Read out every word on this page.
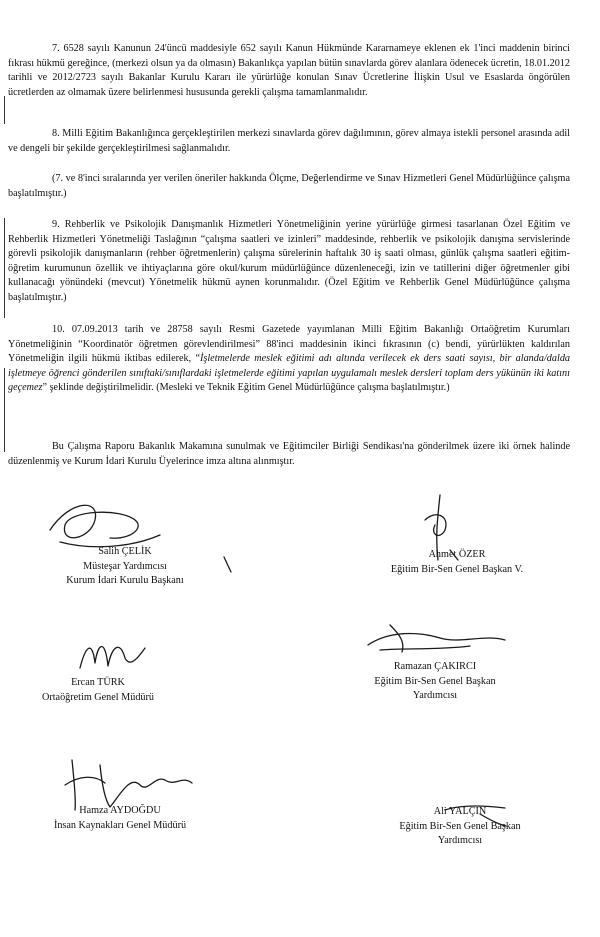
7. 6528 sayılı Kanunun 24'üncü maddesiyle 652 sayılı Kanun Hükmünde Kararnameye eklenen ek 1'inci maddenin birinci fıkrası hükmü gereğince, (merkezi olsun ya da olmasın) Bakanlıkça yapılan bütün sınavlarda görev alanlara ödenecek ücretin, 18.01.2012 tarihli ve 2012/2723 sayılı Bakanlar Kurulu Kararı ile yürürlüğe konulan Sınav Ücretlerine İlişkin Usul ve Esaslarda öngörülen ücretlerden az olmamak üzere belirlenmesi hususunda gerekli çalışma tamamlanmalıdır.

8. Milli Eğitim Bakanlığınca gerçekleştirilen merkezi sınavlarda görev dağılımının, görev almaya istekli personel arasında adil ve dengeli bir şekilde gerçekleştirilmesi sağlanmalıdır.

(7. ve 8'inci sıralarında yer verilen öneriler hakkında Ölçme, Değerlendirme ve Sınav Hizmetleri Genel Müdürlüğünce çalışma başlatılmıştır.)

9. Rehberlik ve Psikolojik Danışmanlık Hizmetleri Yönetmeliğinin yerine yürürlüğe girmesi tasarlanan Özel Eğitim ve Rehberlik Hizmetleri Yönetmeliği Taslağının “çalışma saatleri ve izinleri” maddesinde, rehberlik ve psikolojik danışma servislerinde görevli psikolojik danışmanların (rehber öğretmenlerin) çalışma sürelerinin haftalık 30 iş saati olması, günlük çalışma saatleri eğitim-öğretim kurumunun özellik ve ihtiyaçlarına göre okul/kurum müdürlüğünce düzenleneceği, izin ve tatillerini diğer öğretmenler gibi kullanacağı yönündeki (mevcut) Yönetmelik hükmü aynen korunmalıdır. (Özel Eğitim ve Rehberlik Genel Müdürlüğünce çalışma başlatılmıştır.)

10. 07.09.2013 tarih ve 28758 sayılı Resmi Gazetede yayımlanan Milli Eğitim Bakanlığı Ortaöğretim Kurumları Yönetmeliğinin “Koordinatör öğretmen görevlendirilmesi” 88'inci maddesinin ikinci fıkrasının (c) bendi, yürürlükten kaldırılan Yönetmeliğin ilgili hükmü iktibas edilerek, “İşletmelerde meslek eğitimi adı altında verilecek ek ders saati sayısı, bir alanda/dalda işletmeye öğrenci gönderilen sınıftaki/sınıflardaki işletmelerde eğitimi yapılan uygulamalı meslek dersleri toplam ders yükünün iki katını geçemez” şeklinde değiştirilmelidir. (Mesleki ve Teknik Eğitim Genel Müdürlüğünce çalışma başlatılmıştır.)

Bu Çalışma Raporu Bakanlık Makamına sunulmak ve Eğitimciler Birliği Sendikası'na gönderilmek üzere iki örnek halinde düzenlenmiş ve Kurum İdari Kurulu Üyelerince imza altına alınmıştır.

Salih ÇELİK
Müsteşar Yardımcısı
Kurum İdari Kurulu Başkanı
Ahmet ÖZER
Eğitim Bir-Sen Genel Başkan V.
Ramazan ÇAKIRCI
Eğitim Bir-Sen Genel Başkan
Yardımcısı
Ercan TÜRK
Ortaöğretim Genel Müdürü
Hamza AYDOĞDU
İnsan Kaynakları Genel Müdürü
Ali YALÇIN
Eğitim Bir-Sen Genel Başkan
Yardımcısı
